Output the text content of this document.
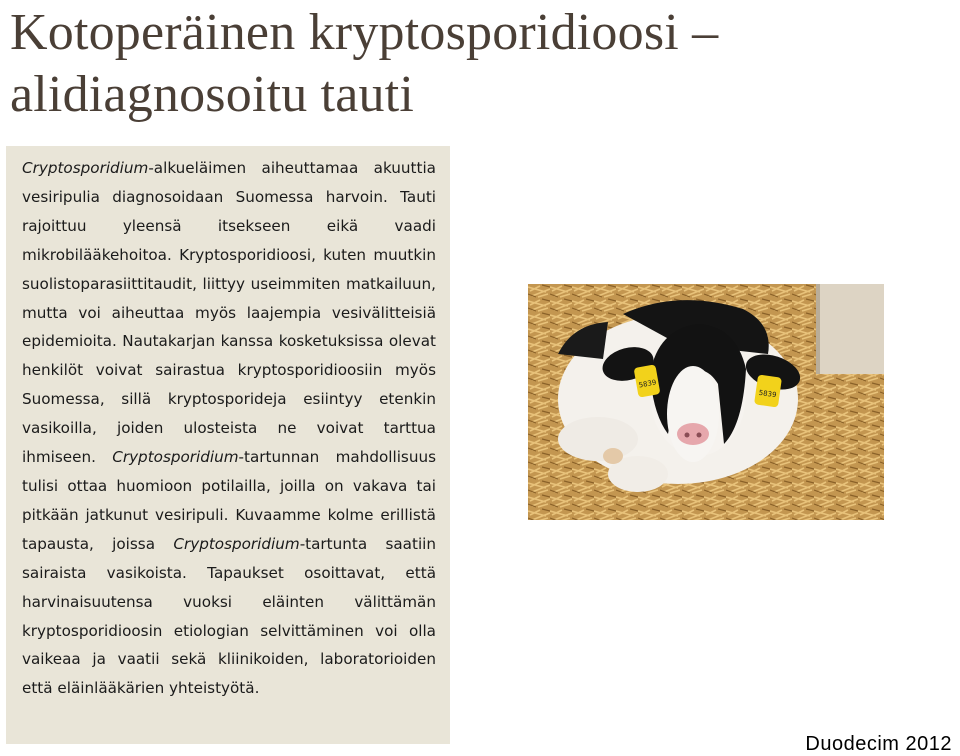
Kotoperäinen kryptosporidioosi –
alidiagnosoitu tauti

Cryptosporidium-alkueläimen aiheuttamaa akuuttia vesiripulia diagnosoidaan Suomessa harvoin. Tauti rajoittuu yleensä itsekseen eikä vaadi mikrobilääkehoitoa. Kryptosporidioosi, kuten muutkin suolistoparasiittitaudit, liittyy useimmiten matkailuun, mutta voi aiheuttaa myös laajempia vesivälitteisiä epidemioita. Nautakarjan kanssa kosketuksissa olevat henkilöt voivat sairastua kryptosporidioosiin myös Suomessa, sillä kryptosporideja esiintyy etenkin vasikoilla, joiden ulosteista ne voivat tarttua ihmiseen. Cryptosporidium-tartunnan mahdollisuus tulisi ottaa huomioon potilailla, joilla on vakava tai pitkään jatkunut vesiripuli. Kuvaamme kolme erillistä tapausta, joissa Cryptosporidium-tartunta saatiin sairaista vasikoista. Tapaukset osoittavat, että harvinaisuutensa vuoksi eläinten välittämän kryptosporidioosin etiologian selvittäminen voi olla vaikeaa ja vaatii sekä kliinikoiden, laboratorioiden että eläinlääkärien yhteistyötä.

5839
5839
Duodecim 2012
